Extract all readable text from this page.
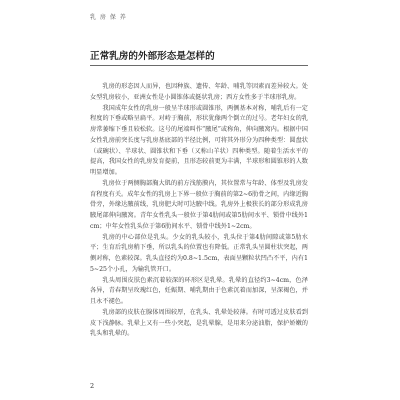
乳 房 保 养
正常乳房的外部形态是怎样的

乳房的形态因人而异，也因种族、遗传、年龄、哺乳等因素而差异较大。处女型乳房较小，亚洲女性是小圆锥体或挺状乳房；西方女性多于半球形乳房。

我国成年女性的乳房一般呈半球形或圆锥形，两侧基本对称，哺乳后有一定程度的下垂或略呈扁平。对峙于胸前，形状犹像两个倒立的过号。老年妇女的乳房常萎缩下垂且较松软。这号的尾端叫作“腋尾”或称角，伸向腋窝内。根据中国女性乳房前突长度与乳房基底部的半径比例，可将其外形分为四种类型：圆盘状（或碗状）、半球状、圆锥状和下垂（又称山羊状）四种类型。随着生活水平的提高，我国女性的乳房发育提前，且形态较前更为丰满，半球形和圆锥形的人数明显增加。

乳房位于两侧胸部胸大肌的前方浅筋膜内，其位置常与年龄、体型及乳房发育程度有关。成年女性的乳房上下界一般位于胸前的第2~6肋骨之间，内缘近胸骨旁，外缘达腋前线，乳房肥大时可达腋中线。乳房外上极狭长的部分形成乳房腋尾部伸向腋窝。青年女性乳头一般位于第4肋间或第5肋间水平、锁骨中线外1cm；中年女性乳头位于第6肋间水平、锁骨中线外1~2cm。

乳房的中心部位是乳头。少女的乳头较小，乳头位于第4肋间隙或第5肋水平；生育后乳房稍下垂，所以乳头的位置也有降低。正常乳头呈圆柱状突起，两侧对称，色素较深。乳头直径约为0.8~1.5cm，表面呈颗粒状凹凸不平，内有15~25个小孔，为输乳管开口。

乳头周围皮肤色素沉着较深的环形区是乳晕。乳晕的直径约3~4cm，色泽各异，青春期呈玫瑰红色，妊娠期、哺乳期由于色素沉着而加深，呈深褐色，并且永不褪色。

乳房部的皮肤在腺体周围较厚，在乳头、乳晕处较薄。有时可透过皮肤看到皮下浅静脉。乳晕上又有一些小突起，是乳晕腺，是用来分泌油脂，保护娇嫩的乳头和乳晕的。

2
